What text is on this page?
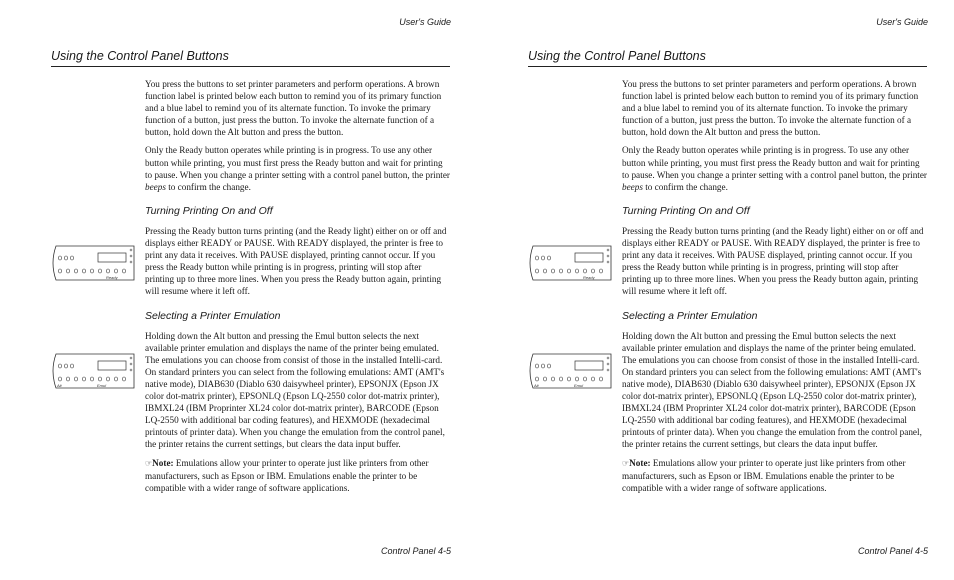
User's Guide
Using the Control Panel Buttons
Ready
Alt	Emul

You press the buttons to set printer parameters and perform operations. A brown function label is printed below each button to remind you of its primary function and a blue label to remind you of its alternate function. To invoke the primary function of a button, just press the button. To invoke the alternate function of a button, hold down the Alt button and press the button.

Only the Ready button operates while printing is in progress. To use any other button while printing, you must first press the Ready button and wait for printing to pause. When you change a printer setting with a control panel button, the printer beeps to confirm the change.

Turning Printing On and Off

Pressing the Ready button turns printing (and the Ready light) either on or off and displays either READY or PAUSE. With READY displayed, the printer is free to print any data it receives. With PAUSE displayed, printing cannot occur. If you press the Ready button while printing is in progress, printing will stop after printing up to three more lines. When you press the Ready button again, printing will resume where it left off.

Selecting a Printer Emulation

Holding down the Alt button and pressing the Emul button selects the next available printer emulation and displays the name of the printer being emulated. The emulations you can choose from consist of those in the installed Intelli-card. On standard printers you can select from the following emulations: AMT (AMT's native mode), DIAB630 (Diablo 630 daisywheel printer), EPSONJX (Epson JX color dot-matrix printer), EPSONLQ (Epson LQ-2550 color dot-matrix printer), IBMXL24 (IBM Proprinter XL24 color dot-matrix printer), BARCODE (Epson LQ-2550 with additional bar coding features), and HEXMODE (hexadecimal printouts of printer data). When you change the emulation from the control panel, the printer retains the current settings, but clears the data input buffer.

☞Note: Emulations allow your printer to operate just like printers from other manufacturers, such as Epson or IBM. Emulations enable the printer to be compatible with a wider range of software applications.

Control Panel 4-5
User's Guide
Using the Control Panel Buttons
Ready
Alt	Emul

You press the buttons to set printer parameters and perform operations. A brown function label is printed below each button to remind you of its primary function and a blue label to remind you of its alternate function. To invoke the primary function of a button, just press the button. To invoke the alternate function of a button, hold down the Alt button and press the button.

Only the Ready button operates while printing is in progress. To use any other button while printing, you must first press the Ready button and wait for printing to pause. When you change a printer setting with a control panel button, the printer beeps to confirm the change.

Turning Printing On and Off

Pressing the Ready button turns printing (and the Ready light) either on or off and displays either READY or PAUSE. With READY displayed, the printer is free to print any data it receives. With PAUSE displayed, printing cannot occur. If you press the Ready button while printing is in progress, printing will stop after printing up to three more lines. When you press the Ready button again, printing will resume where it left off.

Selecting a Printer Emulation

Holding down the Alt button and pressing the Emul button selects the next available printer emulation and displays the name of the printer being emulated. The emulations you can choose from consist of those in the installed Intelli-card. On standard printers you can select from the following emulations: AMT (AMT's native mode), DIAB630 (Diablo 630 daisywheel printer), EPSONJX (Epson JX color dot-matrix printer), EPSONLQ (Epson LQ-2550 color dot-matrix printer), IBMXL24 (IBM Proprinter XL24 color dot-matrix printer), BARCODE (Epson LQ-2550 with additional bar coding features), and HEXMODE (hexadecimal printouts of printer data). When you change the emulation from the control panel, the printer retains the current settings, but clears the data input buffer.

☞Note: Emulations allow your printer to operate just like printers from other manufacturers, such as Epson or IBM. Emulations enable the printer to be compatible with a wider range of software applications.

Control Panel 4-5
